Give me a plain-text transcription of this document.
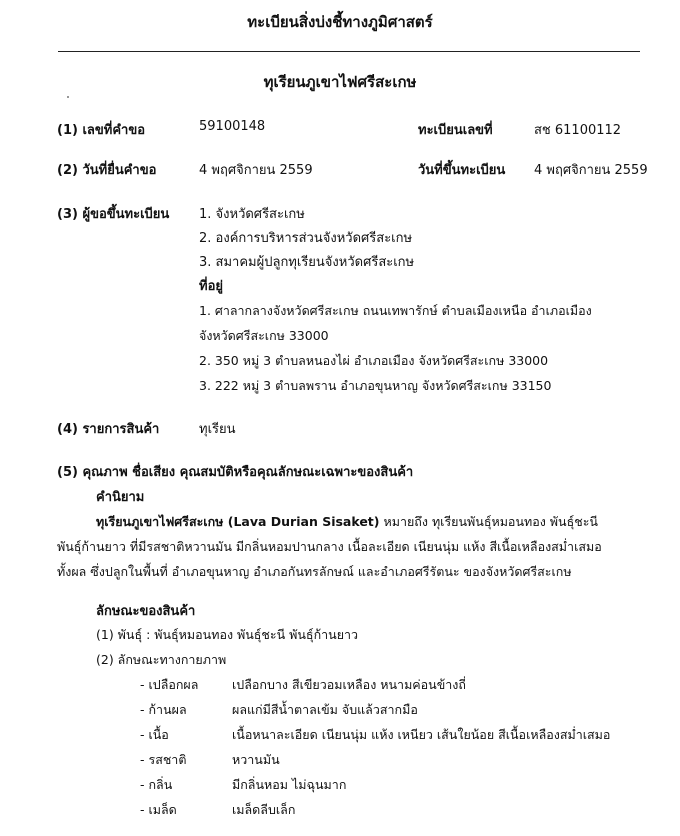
ทะเบียนสิ่งบ่งชี้ทางภูมิศาสตร์
ทุเรียนภูเขาไฟศรีสะเกษ
(1) เลขที่คำขอ	59100148	ทะเบียนเลขที่	สช 61100112
(2) วันที่ยื่นคำขอ	4 พฤศจิกายน 2559	วันที่ขึ้นทะเบียน 4 พฤศจิกายน 2559
(3) ผู้ขอขึ้นทะเบียน 1. จังหวัดศรีสะเกษ
2. องค์การบริหารส่วนจังหวัดศรีสะเกษ
3. สมาคมผู้ปลูกทุเรียนจังหวัดศรีสะเกษ
ที่อยู่
1. ศาลากลางจังหวัดศรีสะเกษ ถนนเทพารักษ์ ตำบลเมืองเหนือ อำเภอเมือง
จังหวัดศรีสะเกษ 33000
2. 350 หมู่ 3 ตำบลหนองไผ่ อำเภอเมือง จังหวัดศรีสะเกษ 33000
3. 222 หมู่ 3 ตำบลพราน อำเภอขุนหาญ จังหวัดศรีสะเกษ 33150
(4) รายการสินค้า	ทุเรียน
(5) คุณภาพ ชื่อเสียง คุณสมบัติหรือคุณลักษณะเฉพาะของสินค้า
คำนิยาม
ทุเรียนภูเขาไฟศรีสะเกษ (Lava Durian Sisaket) หมายถึง ทุเรียนพันธุ์หมอนทอง พันธุ์ชะนี
พันธุ์ก้านยาว ที่มีรสชาติหวานมัน มีกลิ่นหอมปานกลาง เนื้อละเอียด เนียนนุ่ม แห้ง สีเนื้อเหลืองสม่ำเสมอ
ทั้งผล ซึ่งปลูกในพื้นที่ อำเภอขุนหาญ อำเภอกันทรลักษณ์ และอำเภอศรีรัตนะ ของจังหวัดศรีสะเกษ
ลักษณะของสินค้า
(1) พันธุ์ : พันธุ์หมอนทอง พันธุ์ชะนี พันธุ์ก้านยาว
(2) ลักษณะทางกายภาพ
- เปลือกผล	เปลือกบาง สีเขียวอมเหลือง หนามค่อนข้างถี่
- ก้านผล	ผลแก่มีสีน้ำตาลเข้ม จับแล้วสากมือ
- เนื้อ	เนื้อหนาละเอียด เนียนนุ่ม แห้ง เหนียว เส้นใยน้อย สีเนื้อเหลืองสม่ำเสมอ
- รสชาติ	หวานมัน
- กลิ่น	มีกลิ่นหอม ไม่ฉุนมาก
- เมล็ด	เมล็ดลีบเล็ก
